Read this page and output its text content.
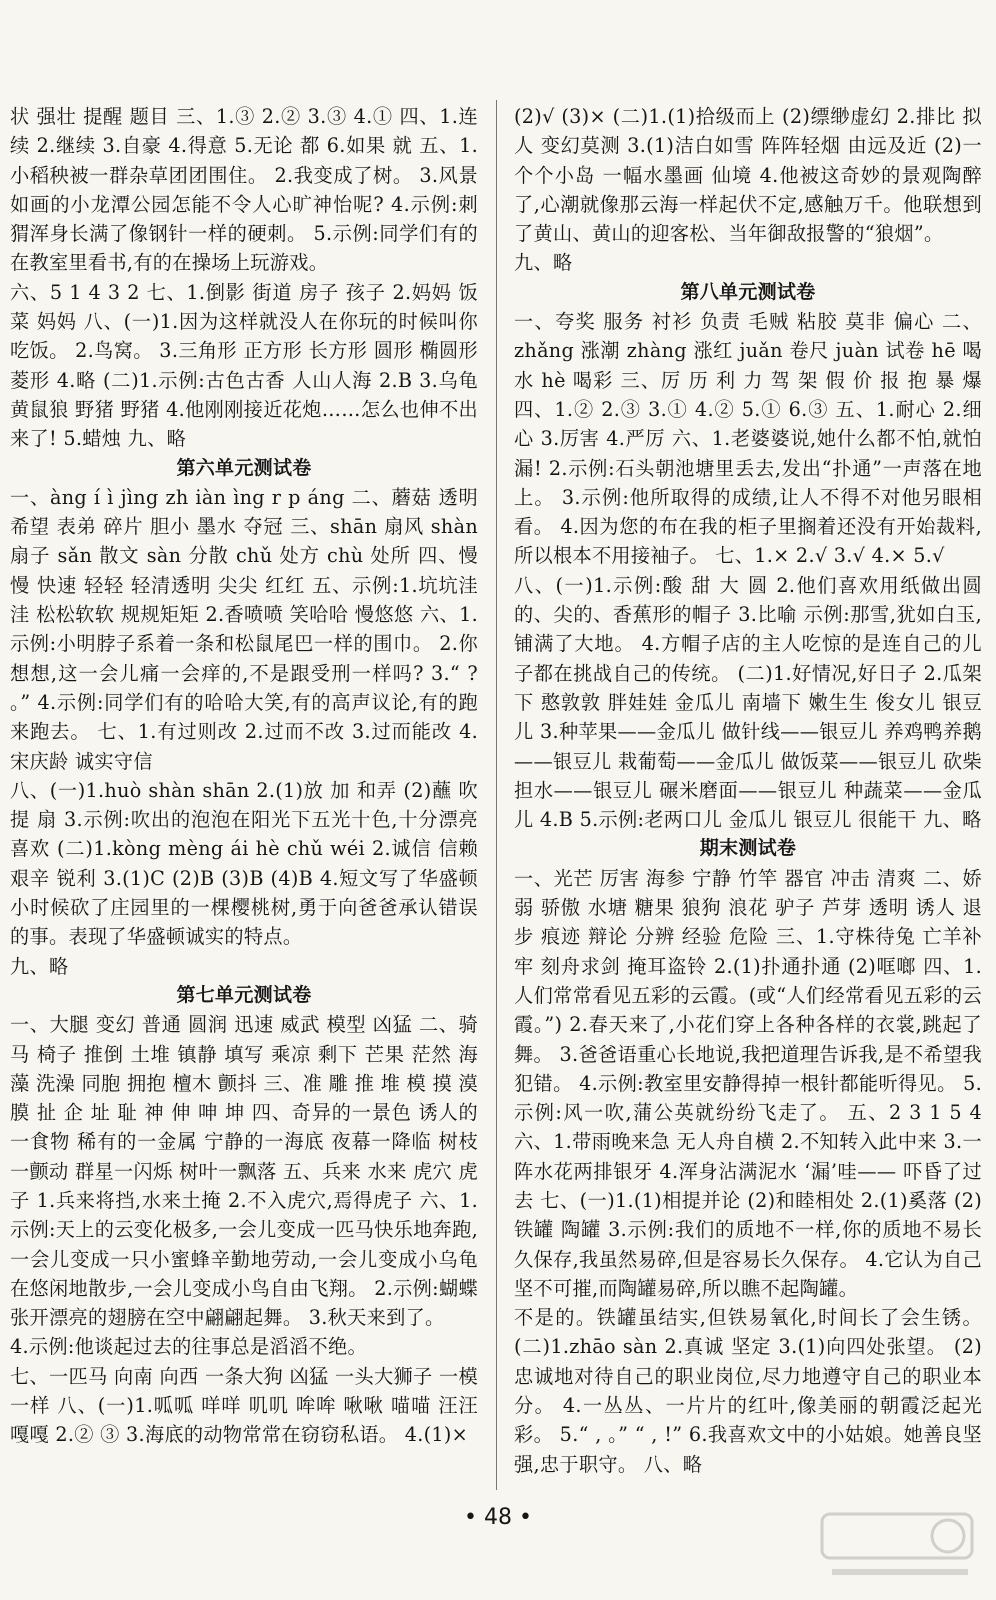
状 强壮 提醒 题目 三、1.③ 2.② 3.③ 4.① 四、1.连续 2.继续 3.自豪 4.得意 5.无论 都 6.如果 就 五、1.小稻秧被一群杂草团团围住。 2.我变成了树。 3.风景如画的小龙潭公园怎能不令人心旷神怡呢? 4.示例:刺猬浑身长满了像钢针一样的硬刺。 5.示例:同学们有的在教室里看书,有的在操场上玩游戏。

六、5 1 4 3 2 七、1.倒影 街道 房子 孩子 2.妈妈 饭菜 妈妈 八、(一)1.因为这样就没人在你玩的时候叫你吃饭。 2.鸟窝。 3.三角形 正方形 长方形 圆形 椭圆形 菱形 4.略 (二)1.示例:古色古香 人山人海 2.B 3.乌龟 黄鼠狼 野猪 野猪 4.他刚刚接近花炮……怎么也伸不出来了! 5.蜡烛 九、略

第六单元测试卷

一、àng í ì jìng zh iàn ìng r p áng 二、蘑菇 透明 希望 表弟 碎片 胆小 墨水 夺冠 三、shān 扇风 shàn 扇子 sǎn 散文 sàn 分散 chǔ 处方 chù 处所 四、慢慢 快速 轻轻 轻清透明 尖尖 红红 五、示例:1.坑坑洼洼 松松软软 规规矩矩 2.香喷喷 笑哈哈 慢悠悠 六、1.示例:小明脖子系着一条和松鼠尾巴一样的围巾。 2.你想想,这一会儿痛一会痒的,不是跟受刑一样吗? 3.“ ? 。” 4.示例:同学们有的哈哈大笑,有的高声议论,有的跑来跑去。 七、1.有过则改 2.过而不改 3.过而能改 4.宋庆龄 诚实守信

八、(一)1.huò shàn shān 2.(1)放 加 和弄 (2)蘸 吹 提 扇 3.示例:吹出的泡泡在阳光下五光十色,十分漂亮 喜欢 (二)1.kòng mèng ái hè chǔ wéi 2.诚信 信赖 艰辛 锐利 3.(1)C (2)B (3)B (4)B 4.短文写了华盛顿小时候砍了庄园里的一棵樱桃树,勇于向爸爸承认错误的事。表现了华盛顿诚实的特点。

九、略

第七单元测试卷

一、大腿 变幻 普通 圆润 迅速 威武 模型 凶猛 二、骑马 椅子 推倒 土堆 镇静 填写 乘凉 剩下 芒果 茫然 海藻 洗澡 同胞 拥抱 檀木 颤抖 三、准 雕 推 堆 模 摸 漠 膜 扯 企 址 耻 神 伸 呻 坤 四、奇异的一景色 诱人的一食物 稀有的一金属 宁静的一海底 夜幕一降临 树枝一颤动 群星一闪烁 树叶一飘落 五、兵来 水来 虎穴 虎子 1.兵来将挡,水来土掩 2.不入虎穴,焉得虎子 六、1.示例:天上的云变化极多,一会儿变成一匹马快乐地奔跑,一会儿变成一只小蜜蜂辛勤地劳动,一会儿变成小乌龟在悠闲地散步,一会儿变成小鸟自由飞翔。 2.示例:蝴蝶张开漂亮的翅膀在空中翩翩起舞。 3.秋天来到了。

4.示例:他谈起过去的往事总是滔滔不绝。

七、一匹马 向南 向西 一条大狗 凶猛 一头大狮子 一模一样 八、(一)1.呱呱 咩咩 叽叽 哞哞 啾啾 喵喵 汪汪 嘎嘎 2.② ③ 3.海底的动物常常在窃窃私语。 4.(1)×

(2)√ (3)× (二)1.(1)拾级而上 (2)缥缈虚幻 2.排比 拟人 变幻莫测 3.(1)洁白如雪 阵阵轻烟 由远及近 (2)一个个小岛 一幅水墨画 仙境 4.他被这奇妙的景观陶醉了,心潮就像那云海一样起伏不定,感触万千。他联想到了黄山、黄山的迎客松、当年御敌报警的“狼烟”。

九、略

第八单元测试卷

一、夸奖 服务 衬衫 负责 毛贼 粘胶 莫非 偏心 二、zhǎng 涨潮 zhàng 涨红 juǎn 卷尺 juàn 试卷 hē 喝水 hè 喝彩 三、厉 历 利 力 驾 架 假 价 报 抱 暴 爆 四、1.② 2.③ 3.① 4.② 5.① 6.③ 五、1.耐心 2.细心 3.厉害 4.严厉 六、1.老婆婆说,她什么都不怕,就怕漏! 2.示例:石头朝池塘里丢去,发出“扑通”一声落在地上。 3.示例:他所取得的成绩,让人不得不对他另眼相看。 4.因为您的布在我的柜子里搁着还没有开始裁料,所以根本不用接袖子。 七、1.× 2.√ 3.√ 4.× 5.√

八、(一)1.示例:酸 甜 大 圆 2.他们喜欢用纸做出圆的、尖的、香蕉形的帽子 3.比喻 示例:那雪,犹如白玉,铺满了大地。 4.方帽子店的主人吃惊的是连自己的儿子都在挑战自己的传统。 (二)1.好情况,好日子 2.瓜架下 憨敦敦 胖娃娃 金瓜儿 南墙下 嫩生生 俊女儿 银豆儿 3.种苹果——金瓜儿 做针线——银豆儿 养鸡鸭养鹅——银豆儿 栽葡萄——金瓜儿 做饭菜——银豆儿 砍柴担水——银豆儿 碾米磨面——银豆儿 种蔬菜——金瓜儿 4.B 5.示例:老两口儿 金瓜儿 银豆儿 很能干 九、略

期末测试卷

一、光芒 厉害 海参 宁静 竹竿 器官 冲击 清爽 二、娇弱 骄傲 水塘 糖果 狼狗 浪花 驴子 芦芽 透明 诱人 退步 痕迹 辩论 分辨 经验 危险 三、1.守株待兔 亡羊补牢 刻舟求剑 掩耳盗铃 2.(1)扑通扑通 (2)哐啷 四、1.人们常常看见五彩的云霞。(或“人们经常看见五彩的云霞。”) 2.春天来了,小花们穿上各种各样的衣裳,跳起了舞。 3.爸爸语重心长地说,我把道理告诉我,是不希望我犯错。 4.示例:教室里安静得掉一根针都能听得见。 5.示例:风一吹,蒲公英就纷纷飞走了。 五、2 3 1 5 4 六、1.带雨晚来急 无人舟自横 2.不知转入此中来 3.一阵水花两排银牙 4.浑身沾满泥水 ‘漏’哇—— 吓昏了过去 七、(一)1.(1)相提并论 (2)和睦相处 2.(1)奚落 (2)铁罐 陶罐 3.示例:我们的质地不一样,你的质地不易长久保存,我虽然易碎,但是容易长久保存。 4.它认为自己坚不可摧,而陶罐易碎,所以瞧不起陶罐。

不是的。铁罐虽结实,但铁易氧化,时间长了会生锈。 (二)1.zhāo sàn 2.真诚 坚定 3.(1)向四处张望。 (2)忠诚地对待自己的职业岗位,尽力地遵守自己的职业本分。 4.一丛丛、一片片的红叶,像美丽的朝霞泛起光彩。 5.“ , 。” “ , !” 6.我喜欢文中的小姑娘。她善良坚强,忠于职守。 八、略

• 48 •
